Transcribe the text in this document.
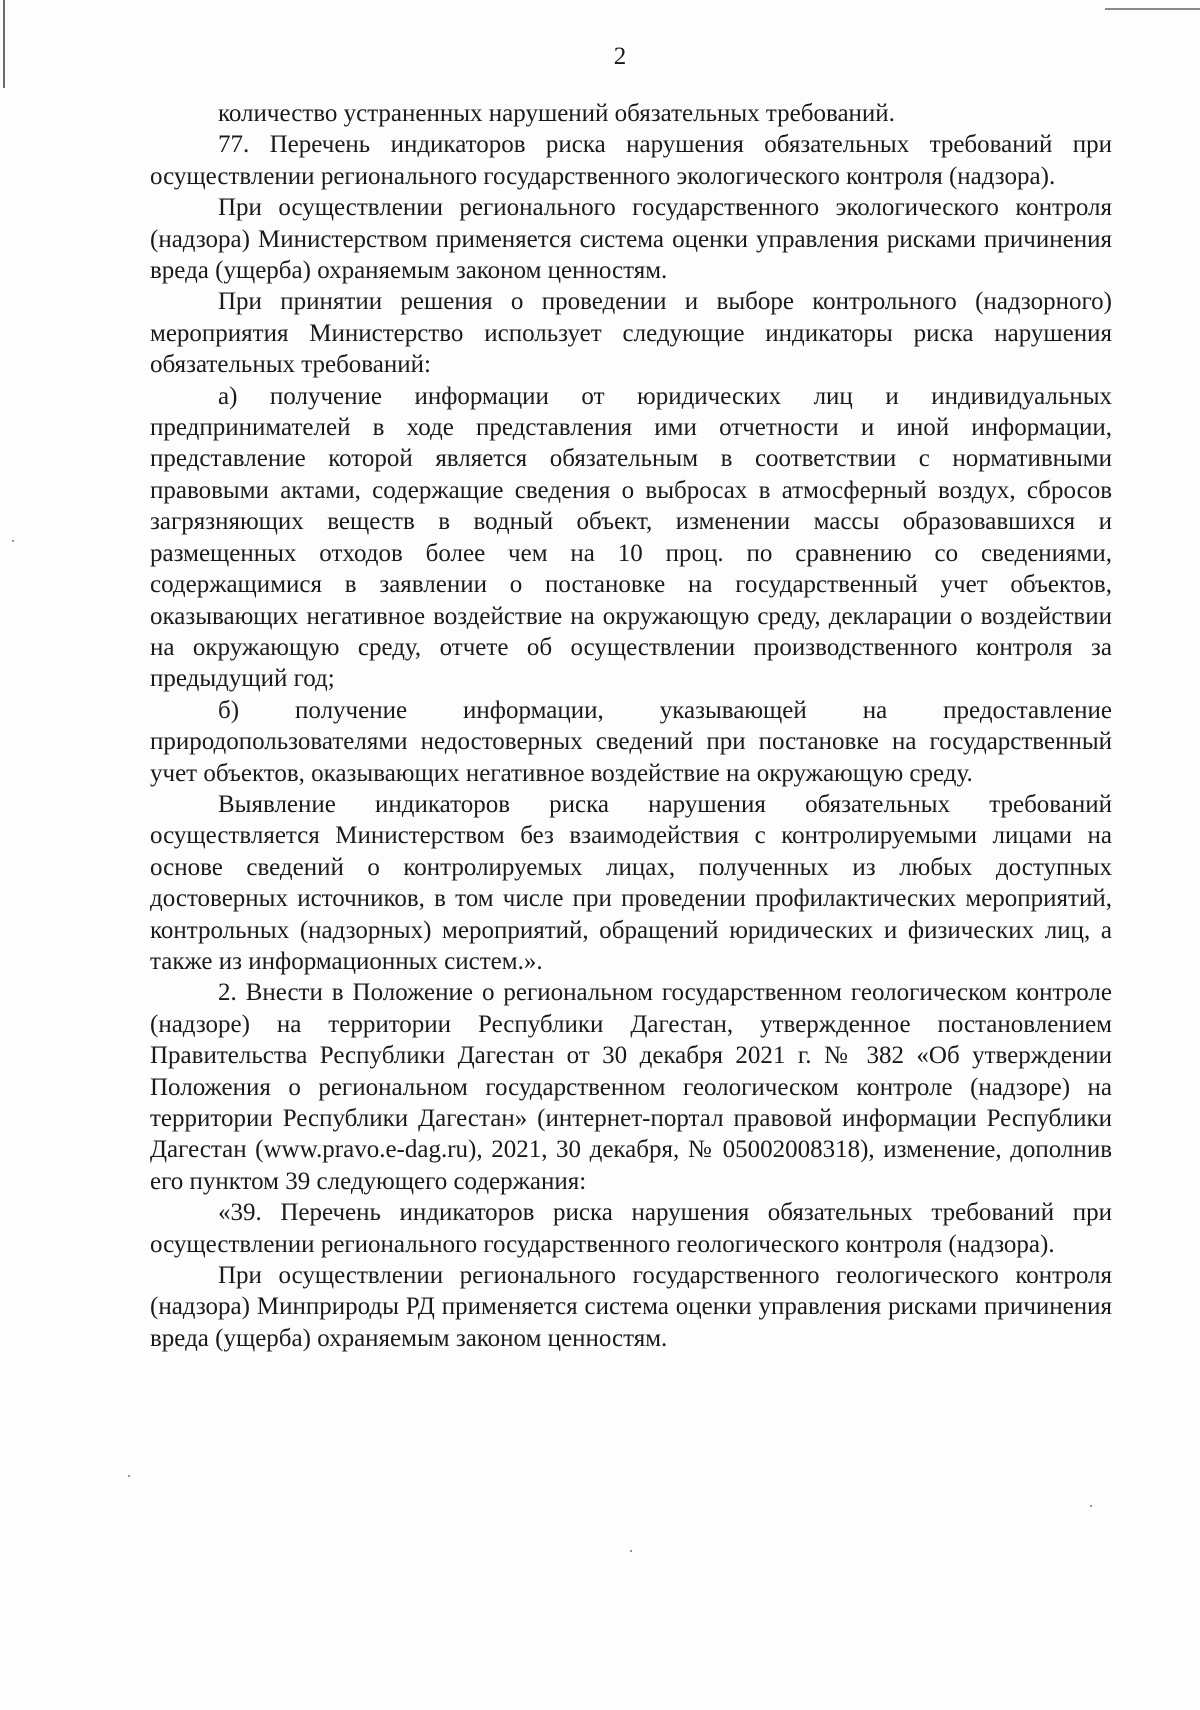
2

количество устраненных нарушений обязательных требований.

77. Перечень индикаторов риска нарушения обязательных требований при осуществлении регионального государственного экологического контроля (надзора).

При осуществлении регионального государственного экологического контроля (надзора) Министерством применяется система оценки управления рисками причинения вреда (ущерба) охраняемым законом ценностям.

При принятии решения о проведении и выборе контрольного (надзорного) мероприятия Министерство использует следующие индикаторы риска нарушения обязательных требований:

а) получение информации от юридических лиц и индивидуальных предпринимателей в ходе представления ими отчетности и иной информации, представление которой является обязательным в соответствии с нормативными правовыми актами, содержащие сведения о выбросах в атмосферный воздух, сбросов загрязняющих веществ в водный объект, изменении массы образовавшихся и размещенных отходов более чем на 10 проц. по сравнению со сведениями, содержащимися в заявлении о постановке на государственный учет объектов, оказывающих негативное воздействие на окружающую среду, декларации о воздействии на окружающую среду, отчете об осуществлении производственного контроля за предыдущий год;

б) получение информации, указывающей на предоставление природопользователями недостоверных сведений при постановке на государственный учет объектов, оказывающих негативное воздействие на окружающую среду.

Выявление индикаторов риска нарушения обязательных требований осуществляется Министерством без взаимодействия с контролируемыми лицами на основе сведений о контролируемых лицах, полученных из любых доступных достоверных источников, в том числе при проведении профилактических мероприятий, контрольных (надзорных) мероприятий, обращений юридических и физических лиц, а также из информационных систем.».

2. Внести в Положение о региональном государственном геологическом контроле (надзоре) на территории Республики Дагестан, утвержденное постановлением Правительства Республики Дагестан от 30 декабря 2021 г. № 382 «Об утверждении Положения о региональном государственном геологическом контроле (надзоре) на территории Республики Дагестан» (интернет-портал правовой информации Республики Дагестан (www.pravo.e-dag.ru), 2021, 30 декабря, № 05002008318), изменение, дополнив его пунктом 39 следующего содержания:

«39. Перечень индикаторов риска нарушения обязательных требований при осуществлении регионального государственного геологического контроля (надзора).

При осуществлении регионального государственного геологического контроля (надзора) Минприроды РД применяется система оценки управления рисками причинения вреда (ущерба) охраняемым законом ценностям.
